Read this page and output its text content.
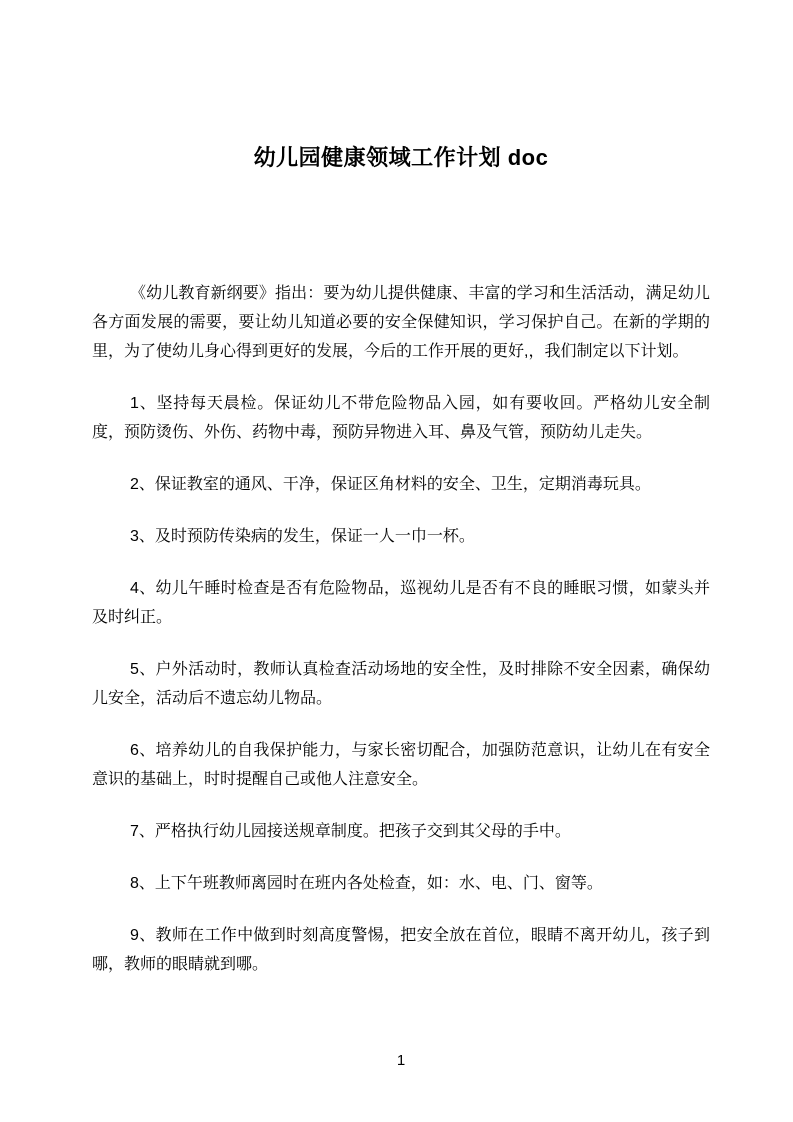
幼儿园健康领域工作计划 doc

《幼儿教育新纲要》指出：要为幼儿提供健康、丰富的学习和生活活动，满足幼儿各方面发展的需要，要让幼儿知道必要的安全保健知识，学习保护自己。在新的学期的里，为了使幼儿身心得到更好的发展，今后的工作开展的更好,，我们制定以下计划。

1、坚持每天晨检。保证幼儿不带危险物品入园，如有要收回。严格幼儿安全制度，预防烫伤、外伤、药物中毒，预防异物进入耳、鼻及气管，预防幼儿走失。

2、保证教室的通风、干净，保证区角材料的安全、卫生，定期消毒玩具。

3、及时预防传染病的发生，保证一人一巾一杯。

4、幼儿午睡时检查是否有危险物品，巡视幼儿是否有不良的睡眠习惯，如蒙头并及时纠正。

5、户外活动时，教师认真检查活动场地的安全性，及时排除不安全因素，确保幼儿安全，活动后不遗忘幼儿物品。

6、培养幼儿的自我保护能力，与家长密切配合，加强防范意识，让幼儿在有安全意识的基础上，时时提醒自己或他人注意安全。

7、严格执行幼儿园接送规章制度。把孩子交到其父母的手中。

8、上下午班教师离园时在班内各处检查，如：水、电、门、窗等。

9、教师在工作中做到时刻高度警惕，把安全放在首位，眼睛不离开幼儿，孩子到哪，教师的眼睛就到哪。

1
